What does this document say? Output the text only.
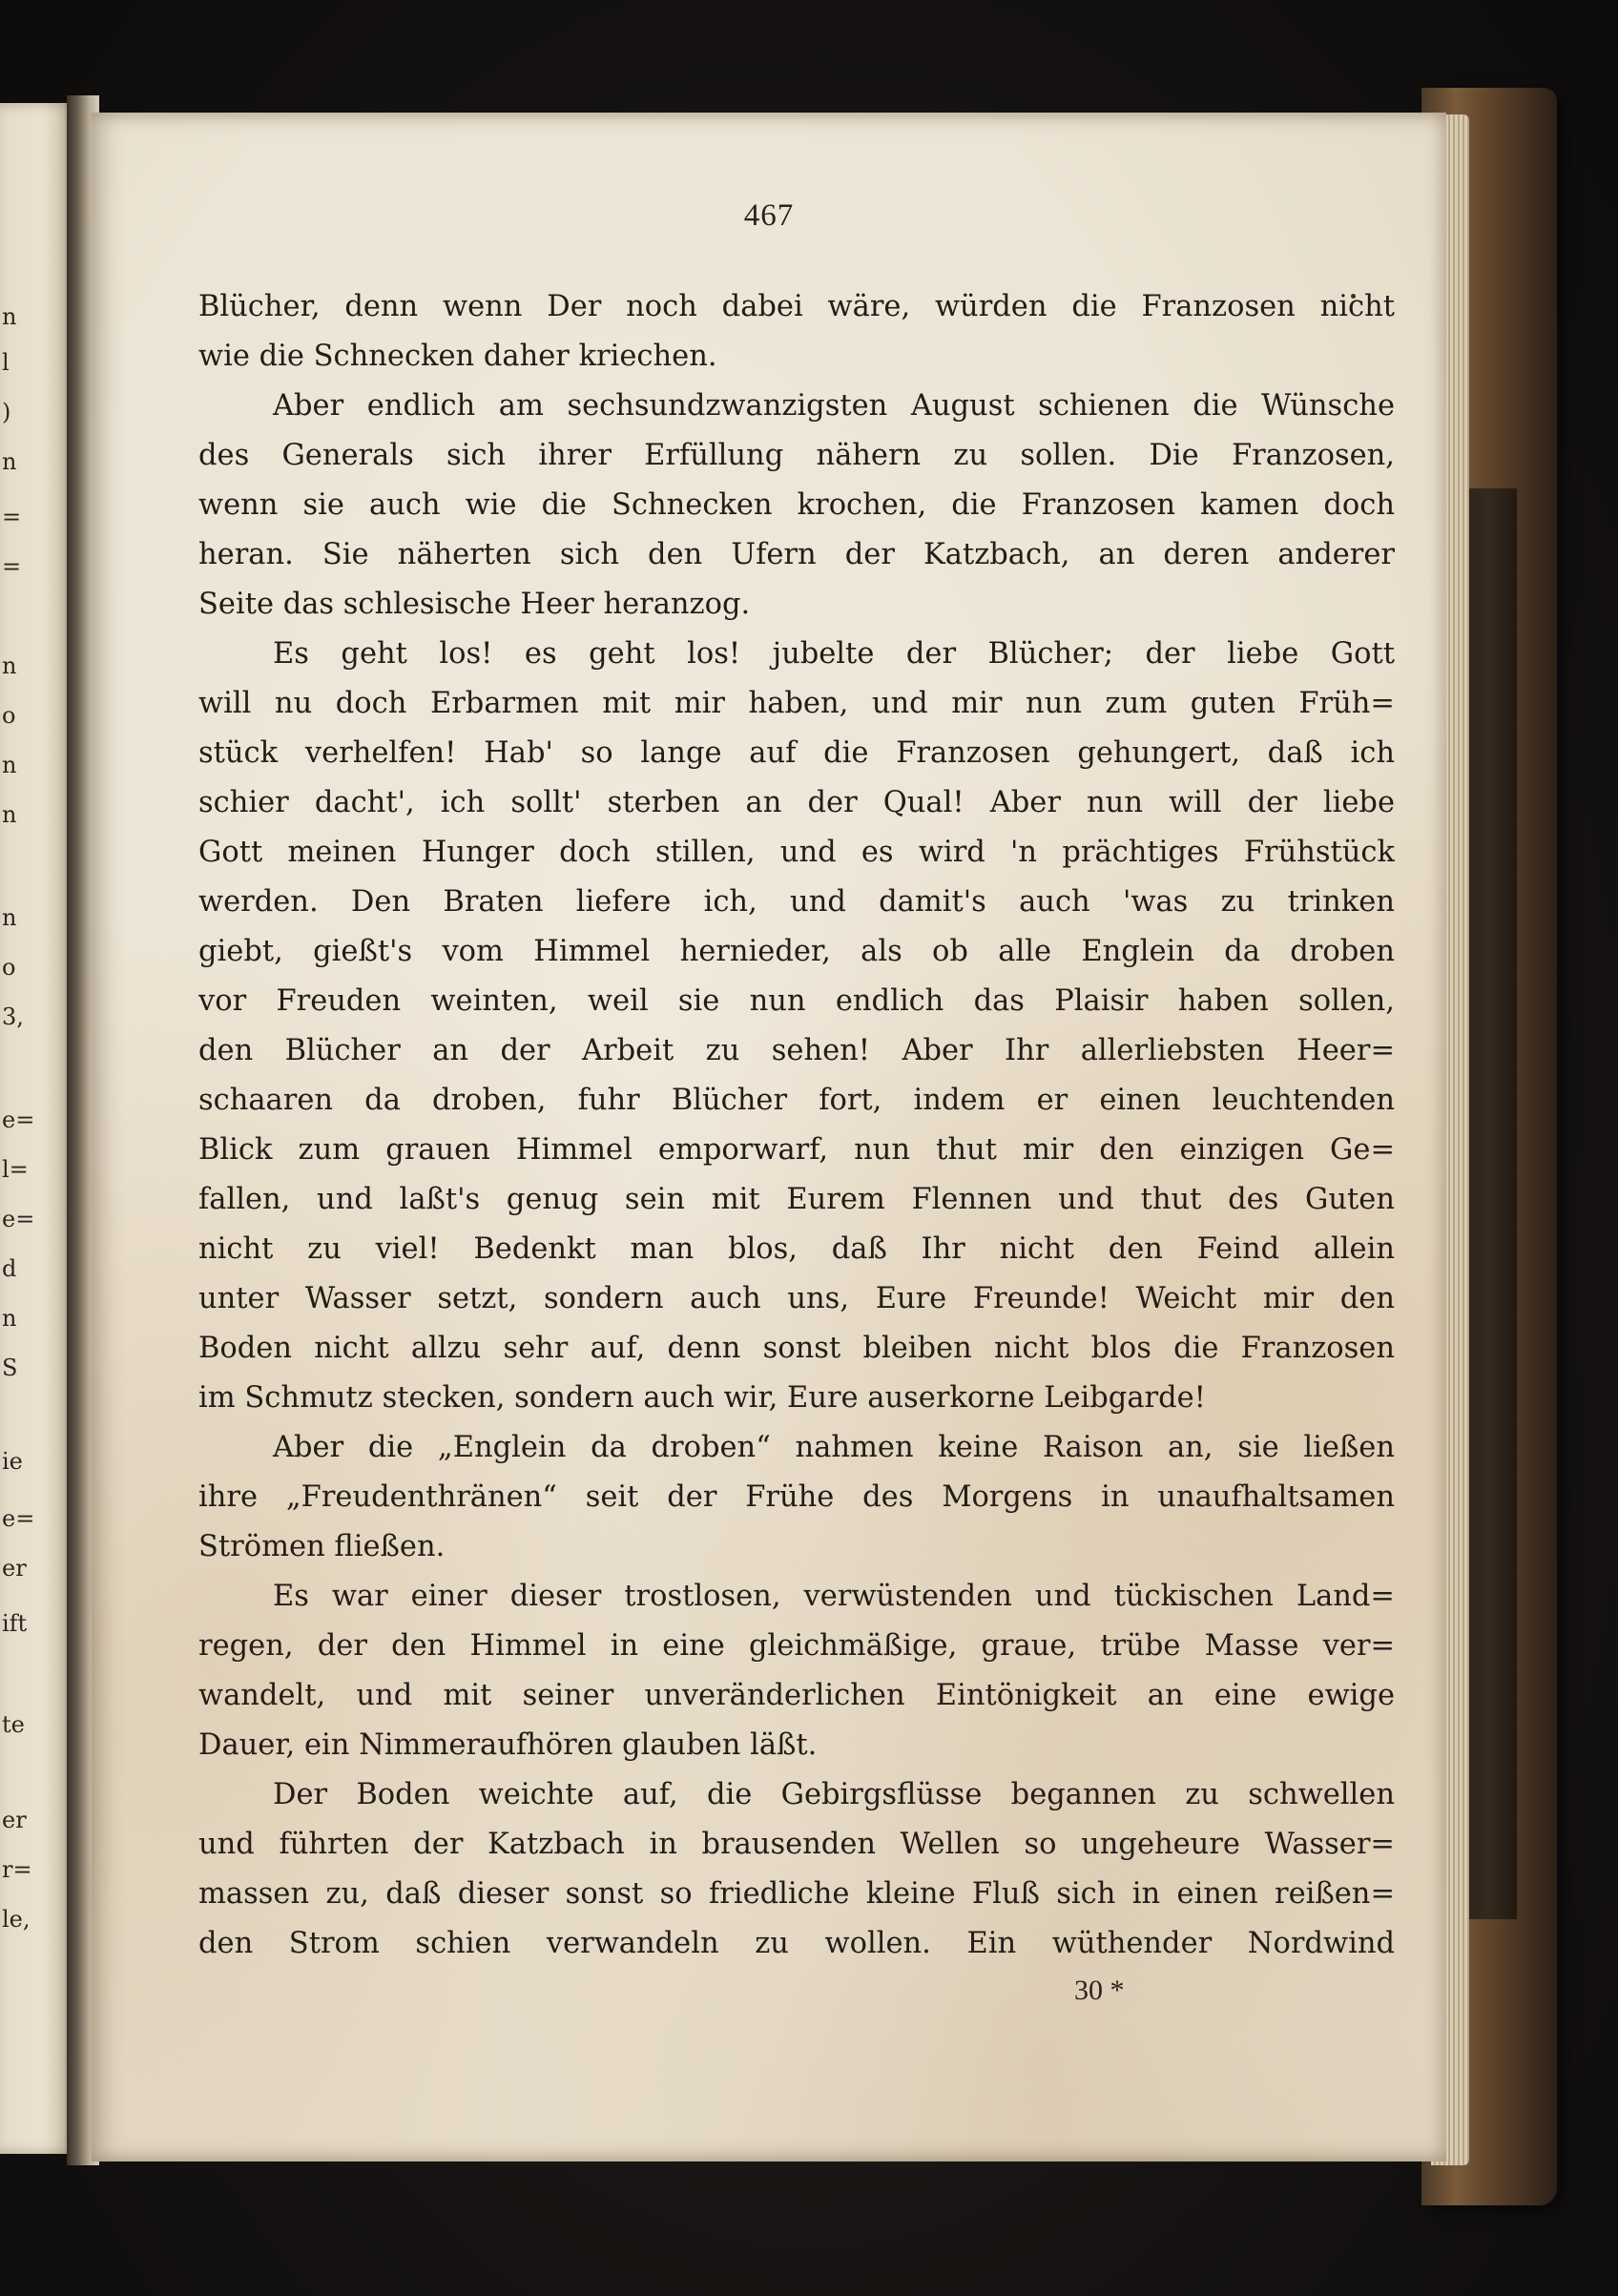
n
l
)
n
=
=
n
o
n
n
n
o
3,
e=
l=
e=
d
n
S
ie
e=
er
ift
te
er
r=
le,
467
Blücher, denn wenn Der noch dabei wäre, würden die Franzosen nicht
wie die Schnecken daher kriechen.
Aber endlich am sechsundzwanzigsten August schienen die Wünsche
des Generals sich ihrer Erfüllung nähern zu sollen. Die Franzosen,
wenn sie auch wie die Schnecken krochen, die Franzosen kamen doch
heran. Sie näherten sich den Ufern der Katzbach, an deren anderer
Seite das schlesische Heer heranzog.
Es geht los! es geht los! jubelte der Blücher; der liebe Gott
will nu doch Erbarmen mit mir haben, und mir nun zum guten Früh=
stück verhelfen! Hab' so lange auf die Franzosen gehungert, daß ich
schier dacht', ich sollt' sterben an der Qual! Aber nun will der liebe
Gott meinen Hunger doch stillen, und es wird 'n prächtiges Frühstück
werden. Den Braten liefere ich, und damit's auch 'was zu trinken
giebt, gießt's vom Himmel hernieder, als ob alle Englein da droben
vor Freuden weinten, weil sie nun endlich das Plaisir haben sollen,
den Blücher an der Arbeit zu sehen! Aber Ihr allerliebsten Heer=
schaaren da droben, fuhr Blücher fort, indem er einen leuchtenden
Blick zum grauen Himmel emporwarf, nun thut mir den einzigen Ge=
fallen, und laßt's genug sein mit Eurem Flennen und thut des Guten
nicht zu viel! Bedenkt man blos, daß Ihr nicht den Feind allein
unter Wasser setzt, sondern auch uns, Eure Freunde! Weicht mir den
Boden nicht allzu sehr auf, denn sonst bleiben nicht blos die Franzosen
im Schmutz stecken, sondern auch wir, Eure auserkorne Leibgarde!
Aber die „Englein da droben“ nahmen keine Raison an, sie ließen
ihre „Freudenthränen“ seit der Frühe des Morgens in unaufhaltsamen
Strömen fließen.
Es war einer dieser trostlosen, verwüstenden und tückischen Land=
regen, der den Himmel in eine gleichmäßige, graue, trübe Masse ver=
wandelt, und mit seiner unveränderlichen Eintönigkeit an eine ewige
Dauer, ein Nimmeraufhören glauben läßt.
Der Boden weichte auf, die Gebirgsflüsse begannen zu schwellen
und führten der Katzbach in brausenden Wellen so ungeheure Wasser=
massen zu, daß dieser sonst so friedliche kleine Fluß sich in einen reißen=
den Strom schien verwandeln zu wollen. Ein wüthender Nordwind
30 *
